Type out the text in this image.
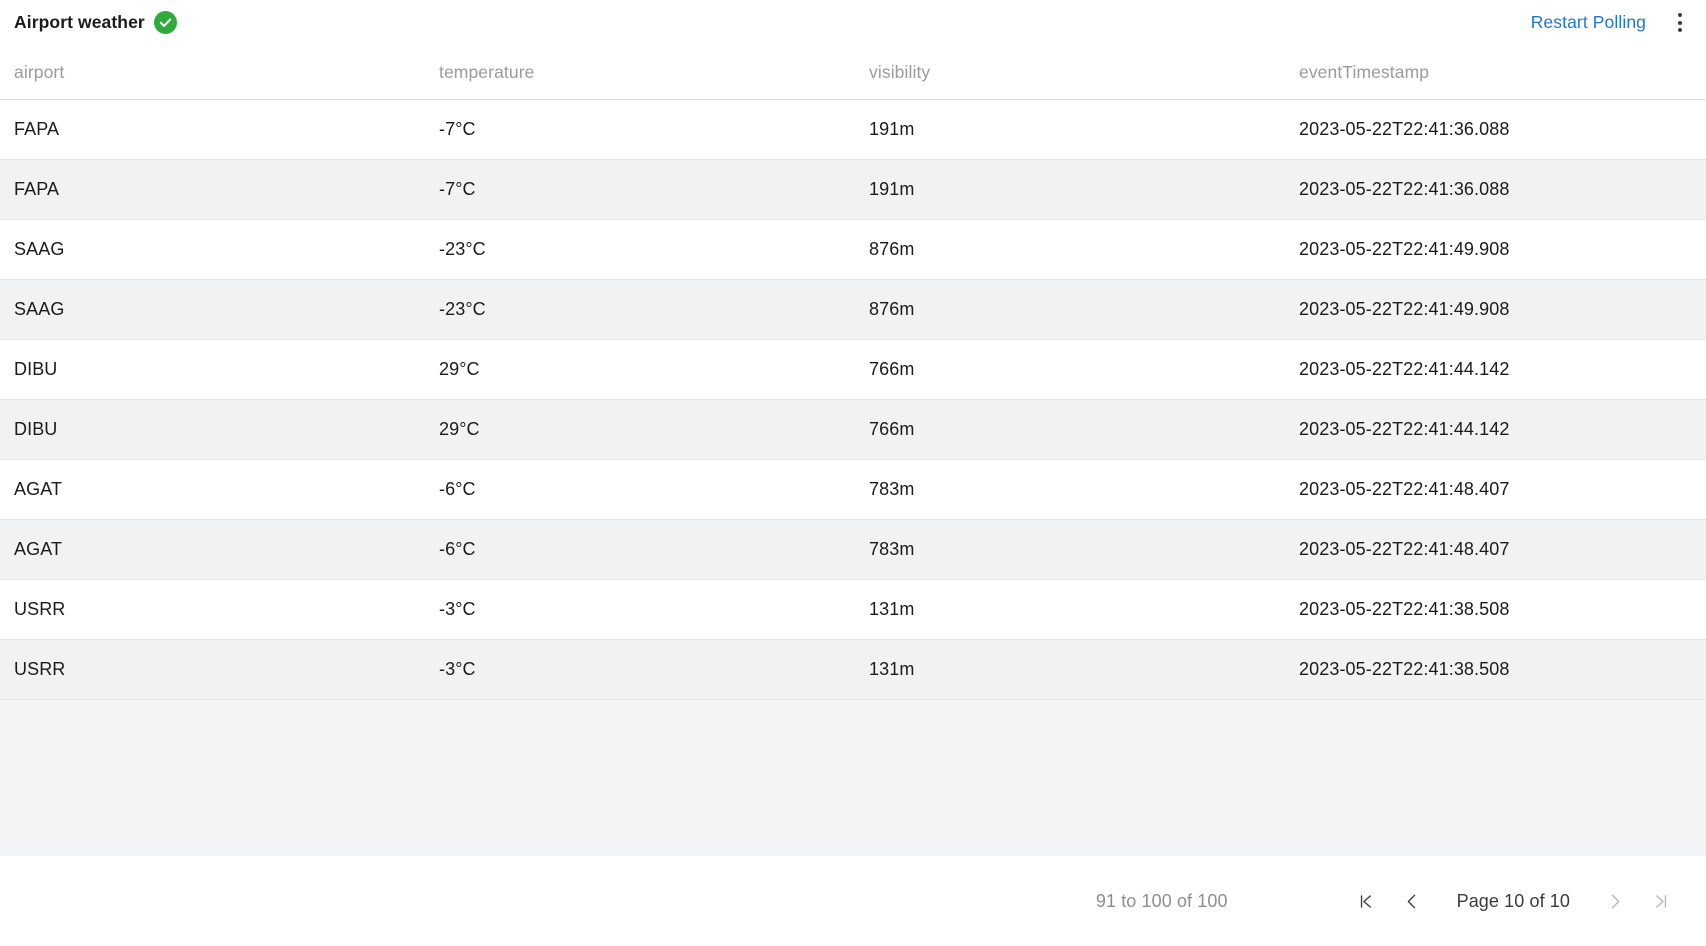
Airport weather	Restart Polling
airport	temperature	visibility	eventTimestamp
FAPA	-7°C	191m	2023-05-22T22:41:36.088
FAPA	-7°C	191m	2023-05-22T22:41:36.088
SAAG	-23°C	876m	2023-05-22T22:41:49.908
SAAG	-23°C	876m	2023-05-22T22:41:49.908
DIBU	29°C	766m	2023-05-22T22:41:44.142
DIBU	29°C	766m	2023-05-22T22:41:44.142
AGAT	-6°C	783m	2023-05-22T22:41:48.407
AGAT	-6°C	783m	2023-05-22T22:41:48.407
USRR	-3°C	131m	2023-05-22T22:41:38.508
USRR	-3°C	131m	2023-05-22T22:41:38.508
91 to 100 of 100	Page 10 of 10
